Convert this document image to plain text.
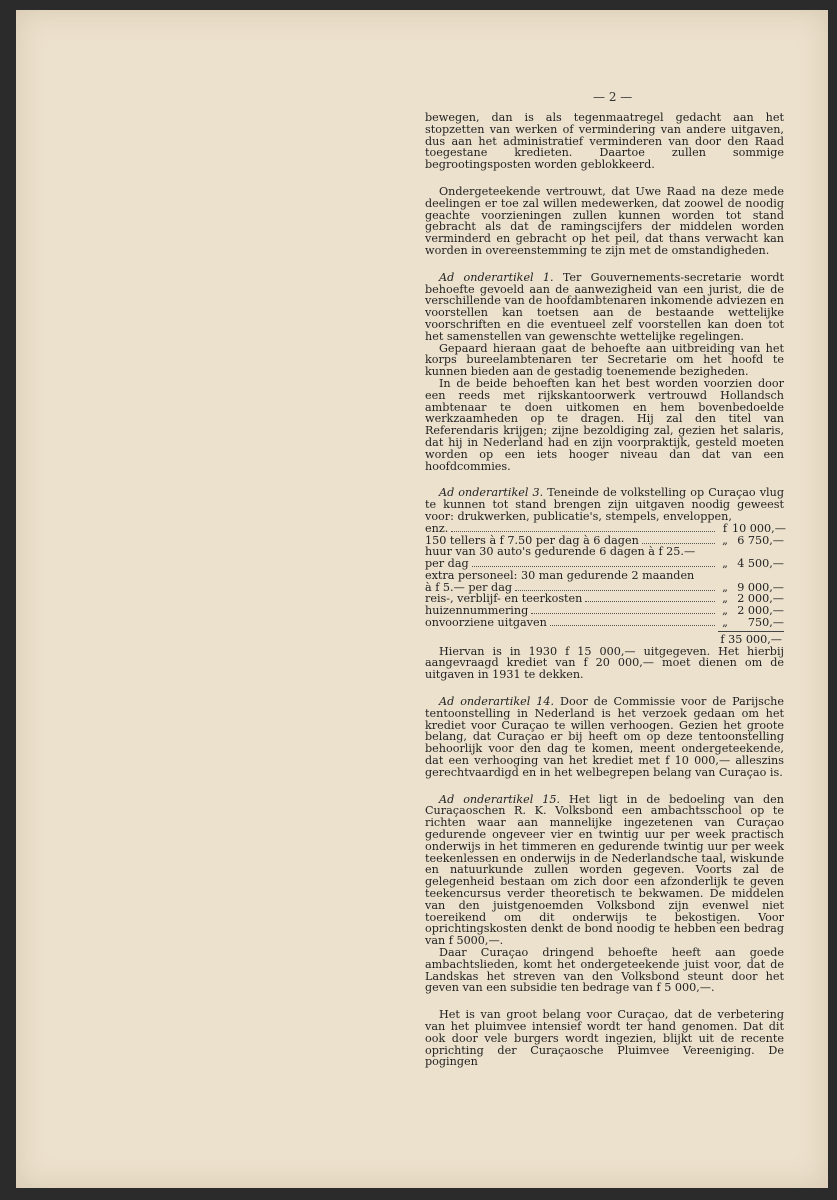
— 2 —

bewegen, dan is als tegenmaatregel gedacht aan het stopzetten van werken of vermindering van andere uitgaven, dus aan het administratief verminderen van door den Raad toegestane kredieten. Daartoe zullen sommige begrootingsposten worden geblokkeerd.

Ondergeteekende vertrouwt, dat Uwe Raad na deze mede deelingen er toe zal willen medewerken, dat zoowel de noodig geachte voorzieningen zullen kunnen worden tot stand gebracht als dat de ramingscijfers der middelen worden verminderd en gebracht op het peil, dat thans verwacht kan worden in overeenstemming te zijn met de omstandigheden.

Ad onderartikel 1. Ter Gouvernements-secretarie wordt behoefte gevoeld aan de aanwezigheid van een jurist, die de verschillende van de hoofdambtenaren inkomende adviezen en voorstellen kan toetsen aan de bestaande wettelijke voorschriften en die eventueel zelf voorstellen kan doen tot het samenstellen van gewenschte wettelijke regelingen.

Gepaard hieraan gaat de behoefte aan uitbreiding van het korps bureelambtenaren ter Secretarie om het hoofd te kunnen bieden aan de gestadig toenemende bezigheden.

In de beide behoeften kan het best worden voorzien door een reeds met rijkskantoorwerk vertrouwd Hollandsch ambtenaar te doen uitkomen en hem bovenbedoelde werkzaamheden op te dragen. Hij zal den titel van Referendaris krijgen; zijne bezoldiging zal, gezien het salaris, dat hij in Nederland had en zijn voorpraktijk, gesteld moeten worden op een iets hooger niveau dan dat van een hoofdcommies.

Ad onderartikel 3. Teneinde de volkstelling op Curaçao vlug te kunnen tot stand brengen zijn uitgaven noodig geweest voor: drukwerken, publicatie's, stempels, enveloppen,

enz.	f 10 000,—
150 tellers à f 7.50 per dag à 6 dagen	„ 6 750,—
huur van 30 auto's gedurende 6 dagen à f 25.—
per dag	„ 4 500,—
extra personeel: 30 man gedurende 2 maanden
à f 5.— per dag	„ 9 000,—
reis-, verblijf- en teerkosten	„ 2 000,—
huizennummering	„ 2 000,—
onvoorziene uitgaven	„	750,—
f 35 000,—

Hiervan is in 1930 f 15 000,— uitgegeven. Het hierbij aangevraagd krediet van f 20 000,— moet dienen om de uitgaven in 1931 te dekken.

Ad onderartikel 14. Door de Commissie voor de Parijsche tentoonstelling in Nederland is het verzoek gedaan om het krediet voor Curaçao te willen verhoogen. Gezien het groote belang, dat Curaçao er bij heeft om op deze tentoonstelling behoorlijk voor den dag te komen, meent ondergeteekende, dat een verhooging van het krediet met f 10 000,— alleszins gerechtvaardigd en in het welbegrepen belang van Curaçao is.

Ad onderartikel 15. Het ligt in de bedoeling van den Curaçaoschen R. K. Volksbond een ambachtsschool op te richten waar aan mannelijke ingezetenen van Curaçao gedurende ongeveer vier en twintig uur per week practisch onderwijs in het timmeren en gedurende twintig uur per week teekenlessen en onderwijs in de Nederlandsche taal, wiskunde en natuurkunde zullen worden gegeven. Voorts zal de gelegenheid bestaan om zich door een afzonderlijk te geven teekencursus verder theoretisch te bekwamen. De middelen van den juistgenoemden Volksbond zijn evenwel niet toereikend om dit onderwijs te bekostigen. Voor oprichtingskosten denkt de bond noodig te hebben een bedrag van f 5000,—.

Daar Curaçao dringend behoefte heeft aan goede ambachtslieden, komt het ondergeteekende juist voor, dat de Landskas het streven van den Volksbond steunt door het geven van een subsidie ten bedrage van f 5 000,—.

Het is van groot belang voor Curaçao, dat de verbetering van het pluimvee intensief wordt ter hand genomen. Dat dit ook door vele burgers wordt ingezien, blijkt uit de recente oprichting der Curaçaosche Pluimvee Vereeniging. De pogingen
